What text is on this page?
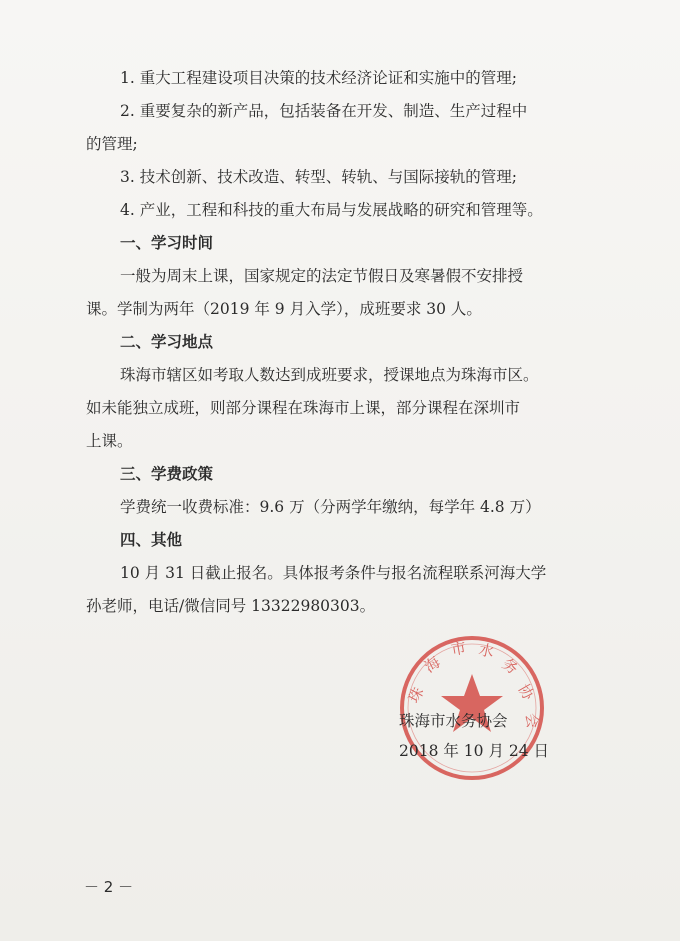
1. 重大工程建设项目决策的技术经济论证和实施中的管理;
2. 重要复杂的新产品，包括装备在开发、制造、生产过程中
的管理;
3. 技术创新、技术改造、转型、转轨、与国际接轨的管理;
4. 产业，工程和科技的重大布局与发展战略的研究和管理等。
一、学习时间
一般为周末上课，国家规定的法定节假日及寒暑假不安排授
课。学制为两年（2019 年 9 月入学），成班要求 30 人。
二、学习地点
珠海市辖区如考取人数达到成班要求，授课地点为珠海市区。
如未能独立成班，则部分课程在珠海市上课，部分课程在深圳市
上课。
三、学费政策
学费统一收费标准：9.6 万（分两学年缴纳，每学年 4.8 万）
四、其他
10 月 31 日截止报名。具体报考条件与报名流程联系河海大学
孙老师，电话/微信同号 13322980303。
珠
海
市 水
务
协
会
珠海市水务协会
2018 年 10 月 24 日
－ 2 －
